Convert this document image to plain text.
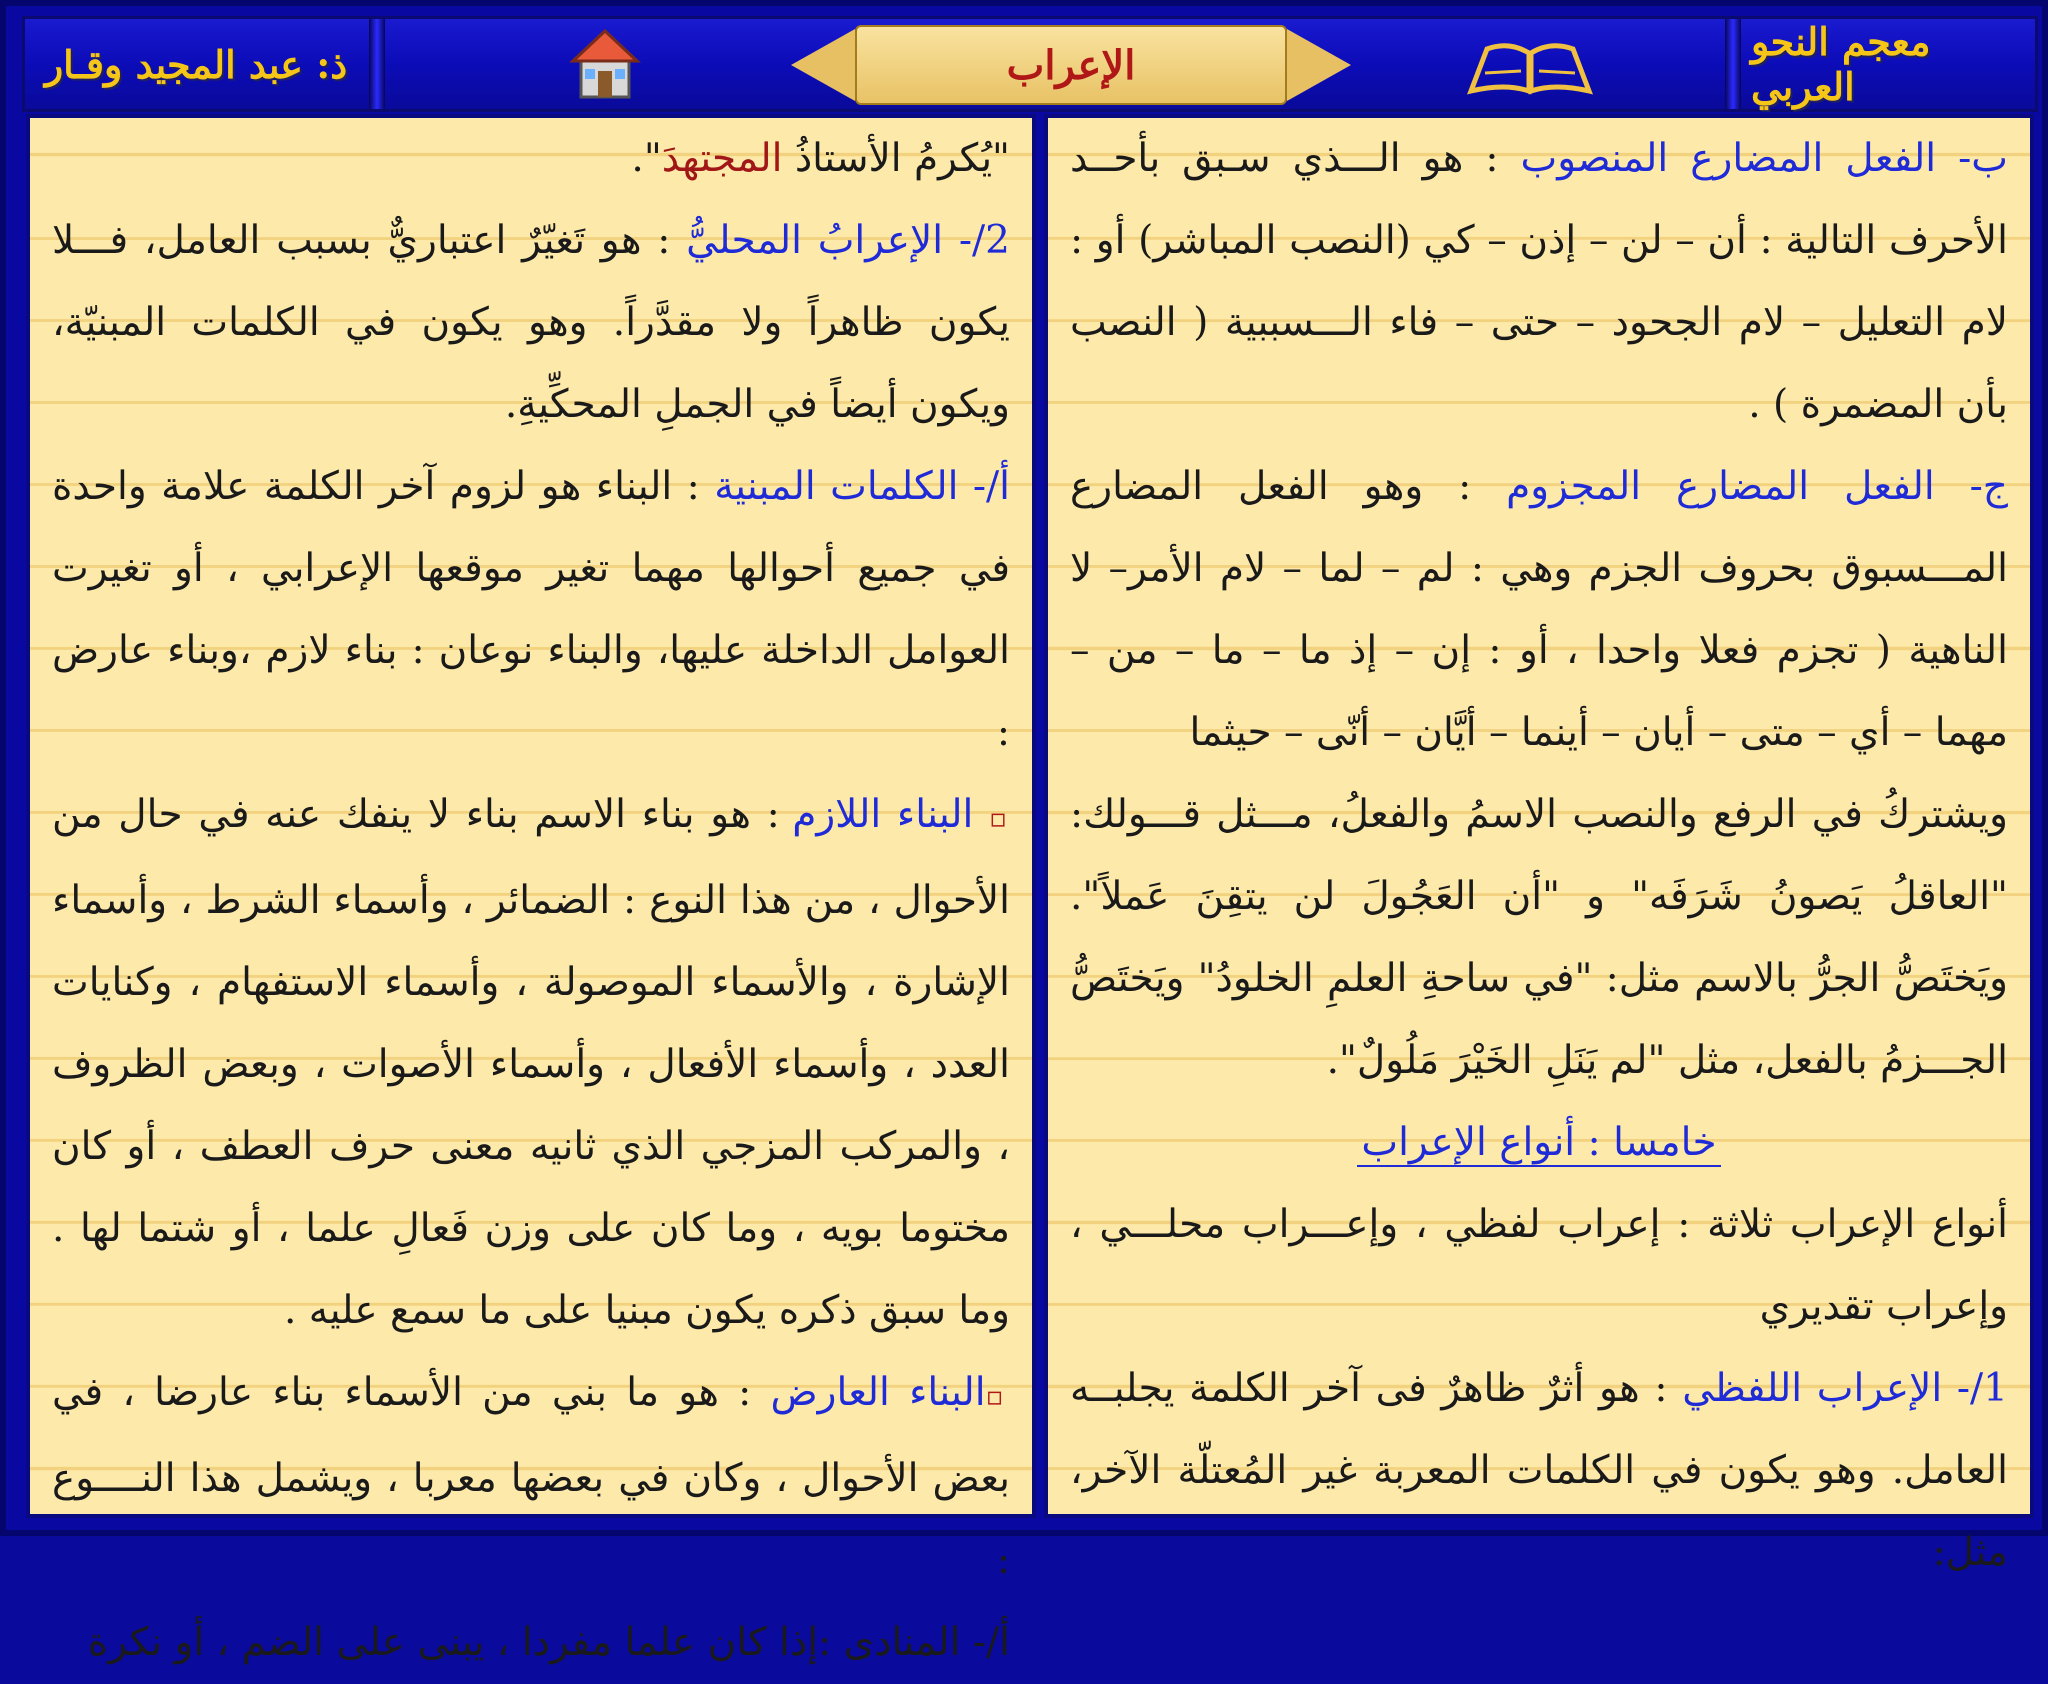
ذ: عبد المجيد وقـار	الإعراب	معجم النحو العربي

"يُكرمُ الأستاذُ المجتهدَ".

2/- الإعرابُ المحليُّ : هو تَغيّرٌ اعتباريٌّ بسبب العامل، فـــلا يكون ظاهراً ولا مقدَّراً. وهو يكون في الكلمات المبنيّة، ويكون أيضاً في الجملِ المحكِّيةِ.

أ/- الكلمات المبنية : البناء هو لزوم آخر الكلمة علامة واحدة في جميع أحوالها مهما تغير موقعها الإعرابي ، أو تغيرت العوامل الداخلة عليها، والبناء نوعان : بناء لازم ،وبناء عارض :

▫ البناء اللازم : هو بناء الاسم بناء لا ينفك عنه في حال من الأحوال ، من هذا النوع : الضمائر ، وأسماء الشرط ، وأسماء الإشارة ، والأسماء الموصولة ، وأسماء الاستفهام ، وكنايات العدد ، وأسماء الأفعال ، وأسماء الأصوات ، وبعض الظروف ، والمركب المزجي الذي ثانيه معنى حرف العطف ، أو كان مختوما بويه ، وما كان على وزن فَعالِ علما ، أو شتما لها . وما سبق ذكره يكون مبنيا على ما سمع عليه .

▫البناء العارض : هو ما بني من الأسماء بناء عارضا ، في بعض الأحوال ، وكان في بعضها معربا ، ويشمل هذا النــــوع :

أ/- المنادى :إذا كان علما مفردا ، يبنى على الضم ، أو نكرة

ب- الفعل المضارع المنصوب : هو الـــذي سـبق بأحــد الأحرف التالية : أن – لن – إذن – كي (النصب المباشر) أو : لام التعليل – لام الجحود – حتى – فاء الـــسببية ( النصب بأن المضمرة ) .

ج- الفعل المضارع المجزوم : وهو الفعل المضارع المـــسبوق بحروف الجزم وهي : لم – لما – لام الأمر– لا الناهية ( تجزم فعلا واحدا ، أو : إن – إذ ما – ما – من – مهما – أي – متى – أيان – أينما – أيَّان – أنّى – حيثما

ويشتركُ في الرفع والنصب الاسمُ والفعلُ، مـــثل قـــولك: "العاقلُ يَصونُ شَرَفَه" و "أن العَجُولَ لن يتقِنَ عَملاً". ويَختَصُّ الجرُّ بالاسم مثل: "في ساحةِ العلمِ الخلودُ" ويَختَصُّ الجـــزمُ بالفعل، مثل "لم يَنَلِ الخَيْرَ مَلُولٌ".

خامسا : أنواع الإعراب

أنواع الإعراب ثلاثة : إعراب لفظي ، وإعـــراب محلـــي ، وإعراب تقديري

1/- الإعراب اللفظي : هو أثرٌ ظاهرٌ فى آخر الكلمة يجلبــه العامل. وهو يكون في الكلمات المعربة غير المُعتلّة الآخر، مثل:
